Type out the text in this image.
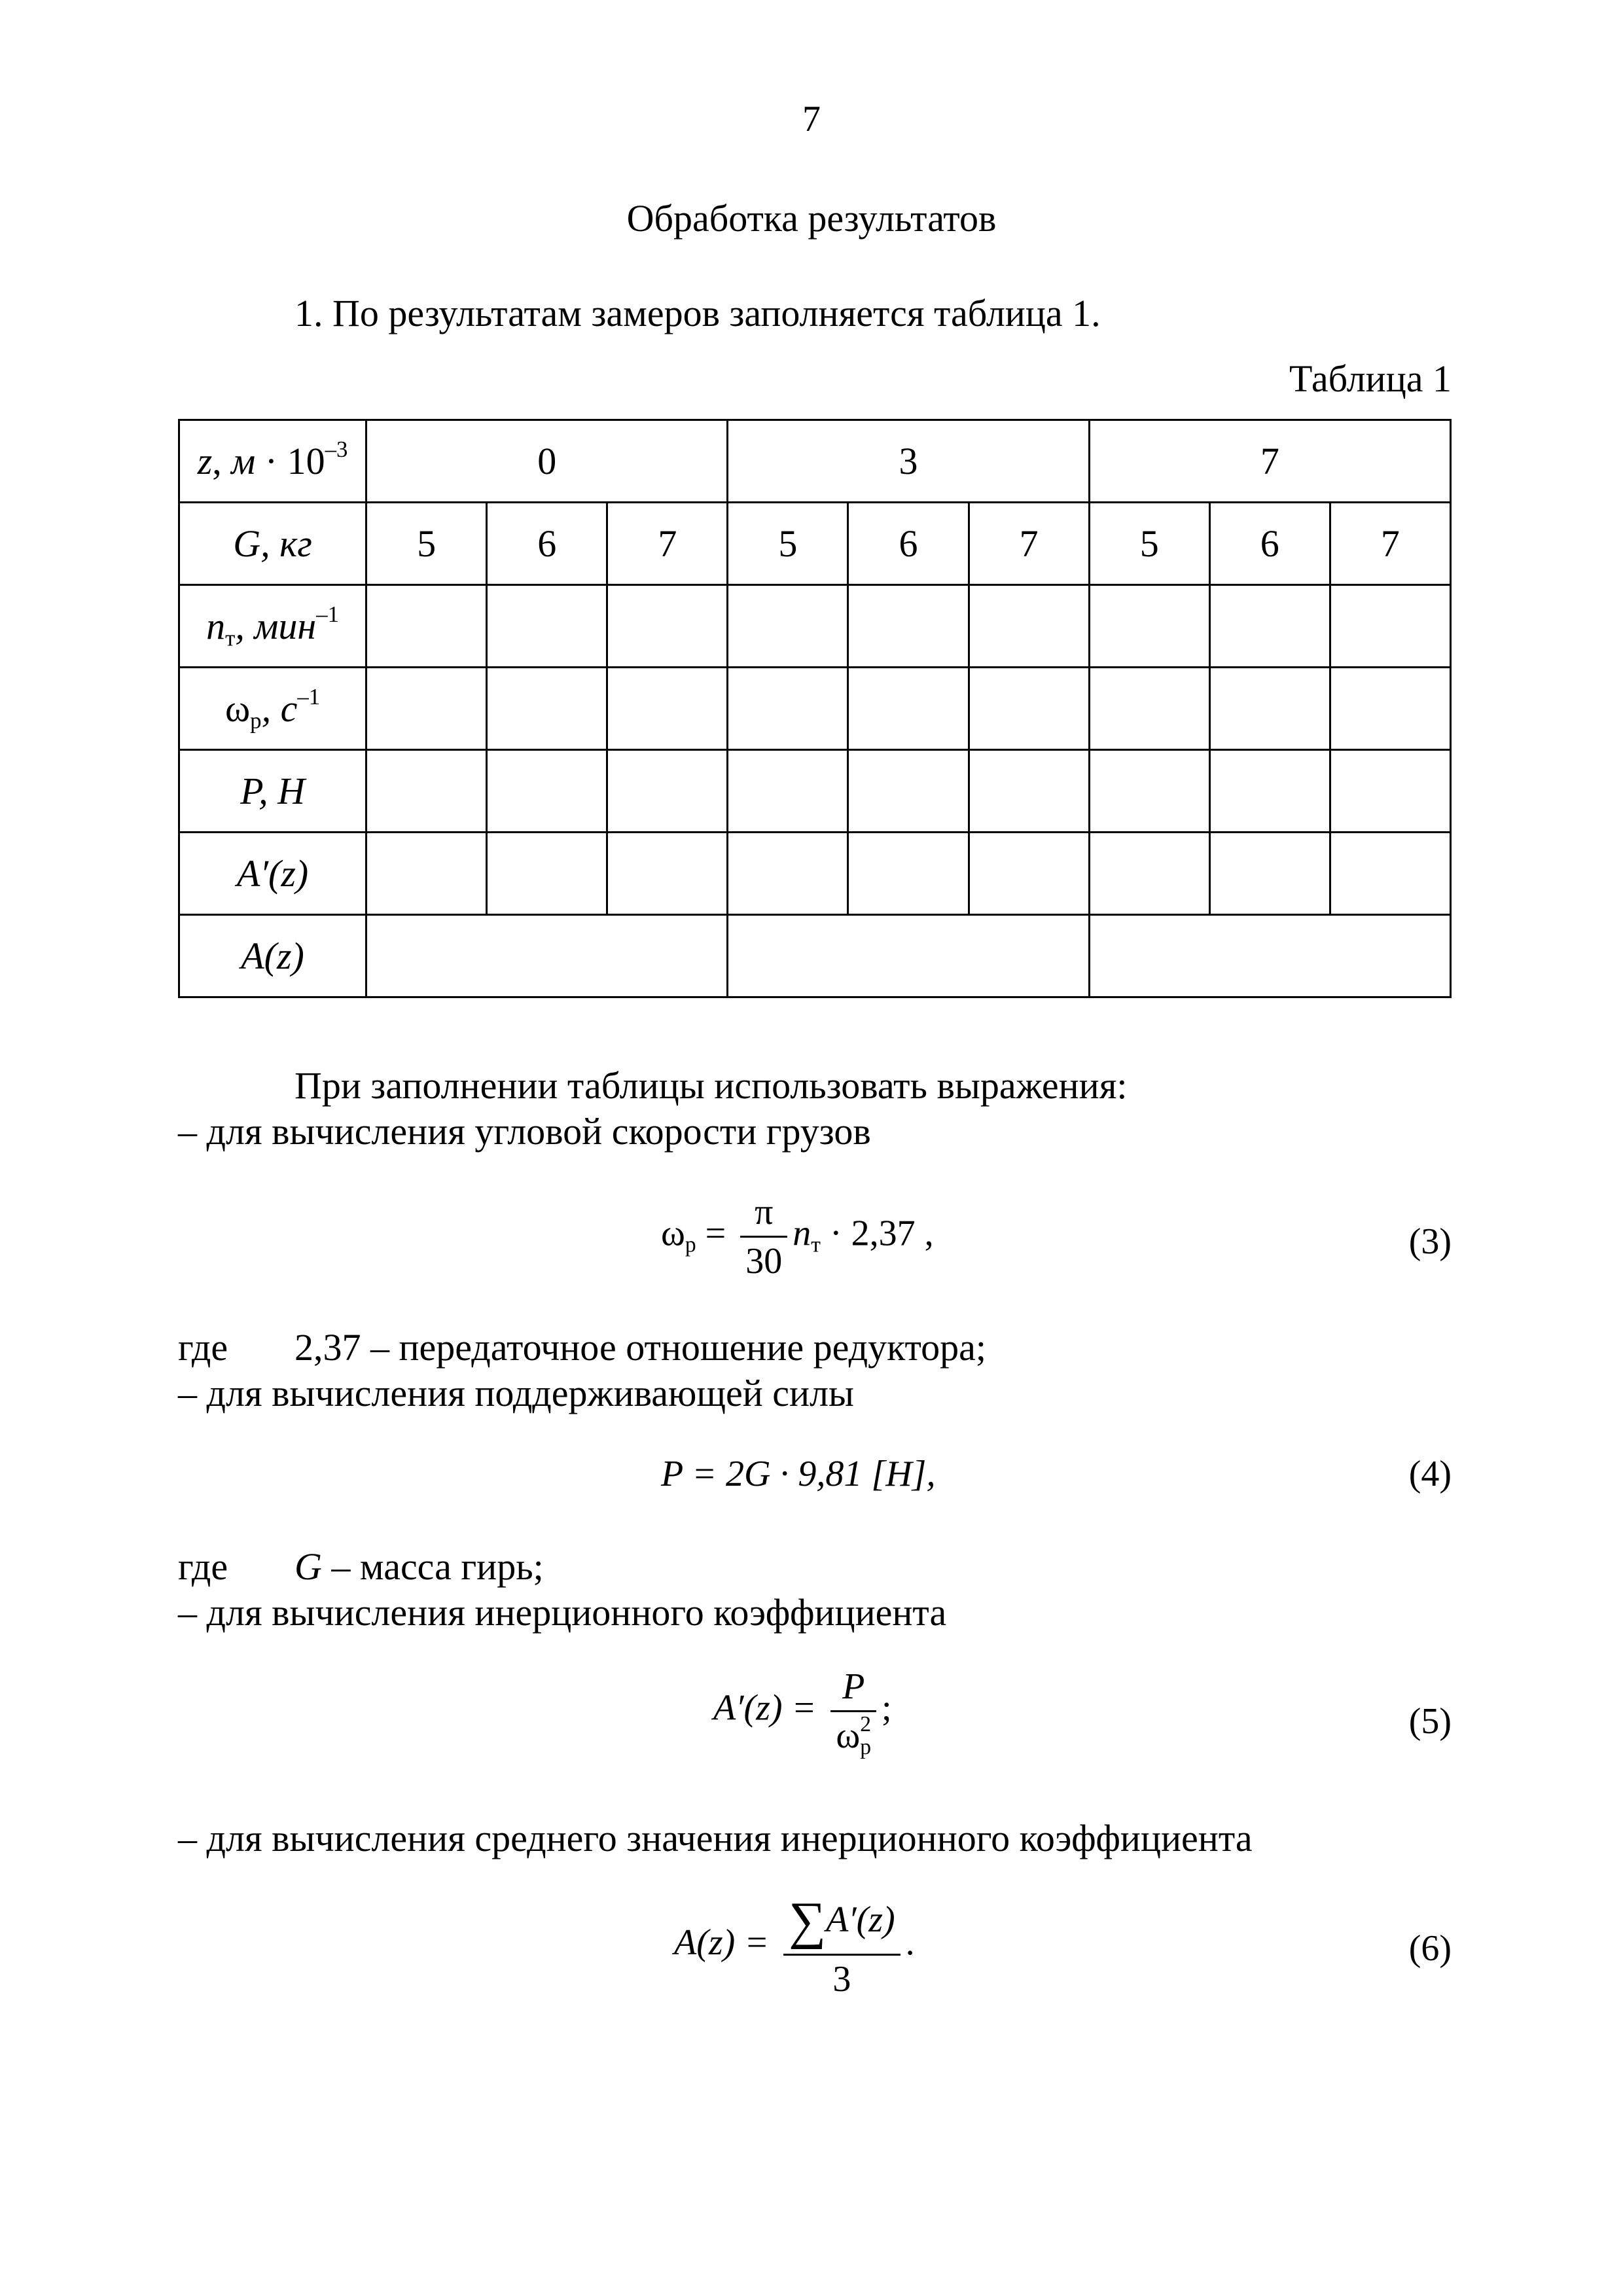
7
Обработка результатов
1. По результатам замеров заполняется таблица 1.
Таблица 1
z, $м \cdot 10^{-3}$	0			3			7		
G, кг	5	6	7	5	6	7	5	6	7
$n_т$, мин$^{-1}$									
$\omega_р$, $с^{-1}$									
P, H									
A′(z)									
A(z)									
При заполнении таблицы использовать выражения:
– для вычисления угловой скорости грузов
$\omega_р = \frac{\pi}{30} n_т \cdot 2,37$ ,	(3)
где 2,37 – передаточное отношение редуктора;
– для вычисления поддерживающей силы
P = 2G · 9,81 [H],	(4)
где G – масса гирь;
– для вычисления инерционного коэффициента
$A'(z) = \frac{P}{\omega^2_р}$ ;	(5)
– для вычисления среднего значения инерционного коэффициента
$A(z) = \frac{\sum A'(z)}{3}$ .	(6)
